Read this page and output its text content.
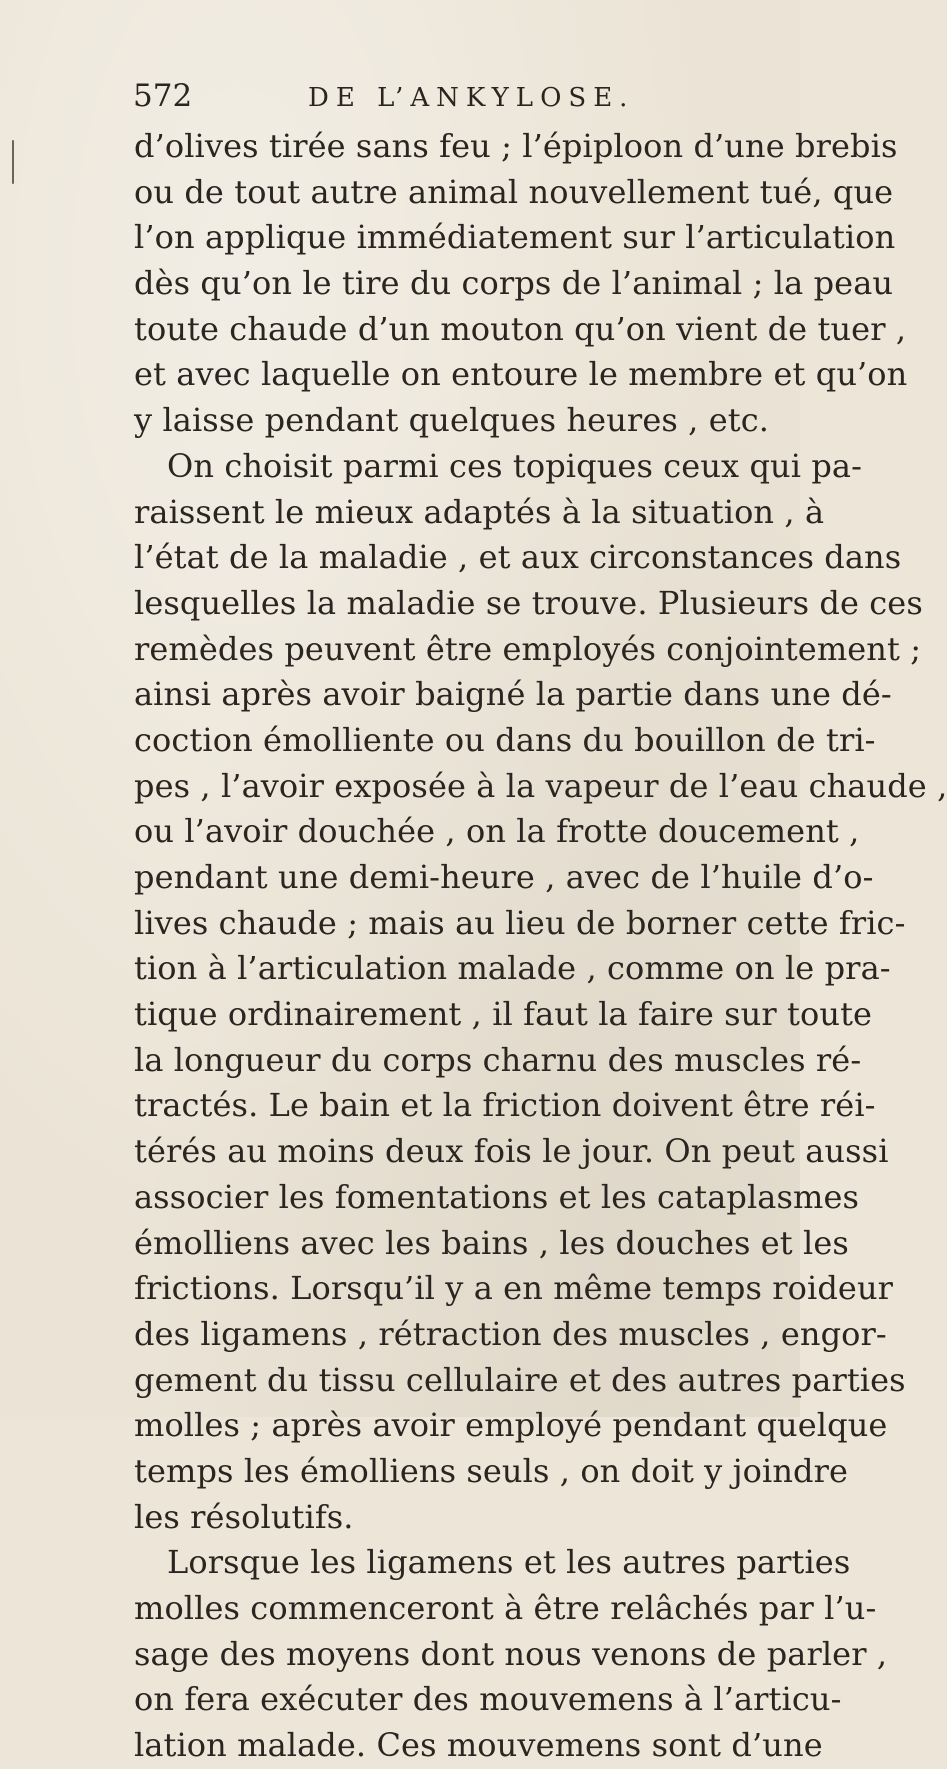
572	DE L’ANKYLOSE.
d’olives tirée sans feu ; l’épiploon d’une brebis
ou de tout autre animal nouvellement tué, que
l’on applique immédiatement sur l’articulation
dès qu’on le tire du corps de l’animal ; la peau
toute chaude d’un mouton qu’on vient de tuer ,
et avec laquelle on entoure le membre et qu’on
y laisse pendant quelques heures , etc.
On choisit parmi ces topiques ceux qui pa-
raissent le mieux adaptés à la situation , à
l’état de la maladie , et aux circonstances dans
lesquelles la maladie se trouve. Plusieurs de ces
remèdes peuvent être employés conjointement ;
ainsi après avoir baigné la partie dans une dé-
coction émolliente ou dans du bouillon de tri-
pes , l’avoir exposée à la vapeur de l’eau chaude ,
ou l’avoir douchée , on la frotte doucement ,
pendant une demi-heure , avec de l’huile d’o-
lives chaude ; mais au lieu de borner cette fric-
tion à l’articulation malade , comme on le pra-
tique ordinairement , il faut la faire sur toute
la longueur du corps charnu des muscles ré-
tractés. Le bain et la friction doivent être réi-
térés au moins deux fois le jour. On peut aussi
associer les fomentations et les cataplasmes
émolliens avec les bains , les douches et les
frictions. Lorsqu’il y a en même temps roideur
des ligamens , rétraction des muscles , engor-
gement du tissu cellulaire et des autres parties
molles ; après avoir employé pendant quelque
temps les émolliens seuls , on doit y joindre
les résolutifs.
Lorsque les ligamens et les autres parties
molles commenceront à être relâchés par l’u-
sage des moyens dont nous venons de parler ,
on fera exécuter des mouvemens à l’articu-
lation malade. Ces mouvemens sont d’une
